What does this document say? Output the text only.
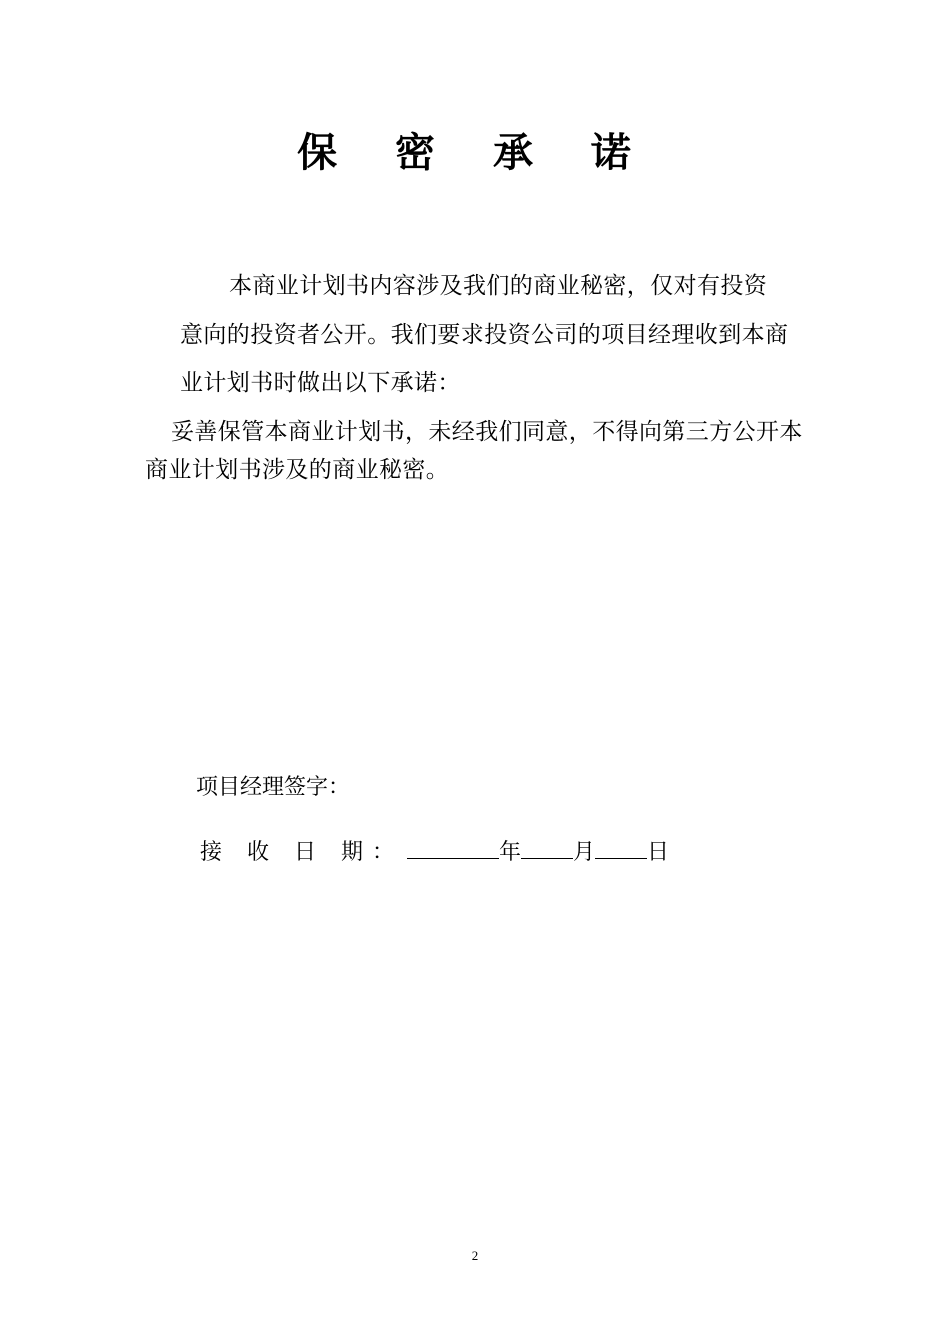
保 密 承 诺
本商业计划书内容涉及我们的商业秘密，仅对有投资
意向的投资者公开。我们要求投资公司的项目经理收到本商
业计划书时做出以下承诺：
妥善保管本商业计划书，未经我们同意，不得向第三方公开本商业计划书涉及的商业秘密。
项目经理签字：
接 收 日 期：	年 月 日
2
